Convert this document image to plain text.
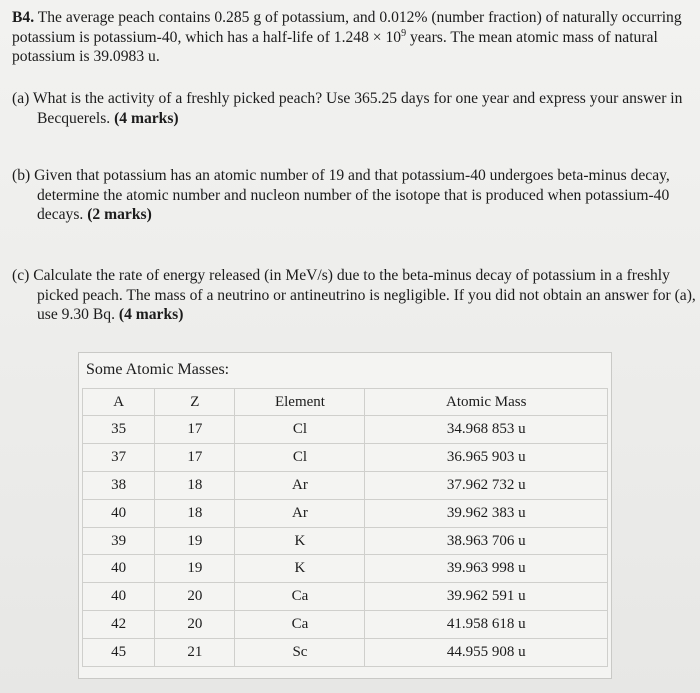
B4. The average peach contains 0.285 g of potassium, and 0.012% (number fraction) of naturally occurring potassium is potassium-40, which has a half-life of $1.248 \times 10^9$ years. The mean atomic mass of natural potassium is 39.0983 u.

(a) What is the activity of a freshly picked peach? Use 365.25 days for one year and express your answer in Becquerels. (4 marks)

(b) Given that potassium has an atomic number of 19 and that potassium-40 undergoes beta-minus decay, determine the atomic number and nucleon number of the isotope that is produced when potassium-40 decays. (2 marks)

(c) Calculate the rate of energy released (in MeV/s) due to the beta-minus decay of potassium in a freshly picked peach. The mass of a neutrino or antineutrino is negligible. If you did not obtain an answer for (a), use 9.30 Bq. (4 marks)

Some Atomic Masses:
A	Z	Element	Atomic Mass
35	17	Cl	34.968 853 u
37	17	Cl	36.965 903 u
38	18	Ar	37.962 732 u
40	18	Ar	39.962 383 u
39	19	K	38.963 706 u
40	19	K	39.963 998 u
40	20	Ca	39.962 591 u
42	20	Ca	41.958 618 u
45	21	Sc	44.955 908 u
